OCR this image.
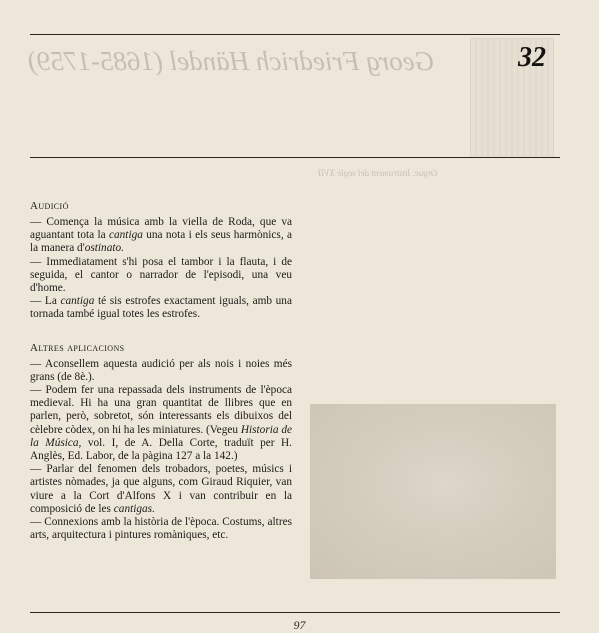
Georg Friedrich Händel (1685-1759)	32
Orgue. Instrument del segle XVII
Audició

— Comença la música amb la viella de Roda, que va aguantant tota la cantiga una nota i els seus harmònics, a la manera d'ostinato.

— Immediatament s'hi posa el tambor i la flauta, i de seguida, el cantor o narrador de l'episodi, una veu d'home.

— La cantiga té sis estrofes exactament iguals, amb una tornada també igual totes les estrofes.

Altres aplicacions

— Aconsellem aquesta audició per als nois i noies més grans (de 8è.).

— Podem fer una repassada dels instruments de l'època medieval. Hi ha una gran quantitat de llibres que en parlen, però, sobretot, són interessants els dibuixos del cèlebre còdex, on hi ha les miniatures. (Vegeu Historia de la Música, vol. I, de A. Della Corte, traduït per H. Anglès, Ed. Labor, de la pàgina 127 a la 142.)

— Parlar del fenomen dels trobadors, poetes, músics i artistes nòmades, ja que alguns, com Giraud Riquier, van viure a la Cort d'Alfons X i van contribuir en la composició de les cantigas.

— Connexions amb la història de l'època. Costums, altres arts, arquitectura i pintures romàniques, etc.

97
